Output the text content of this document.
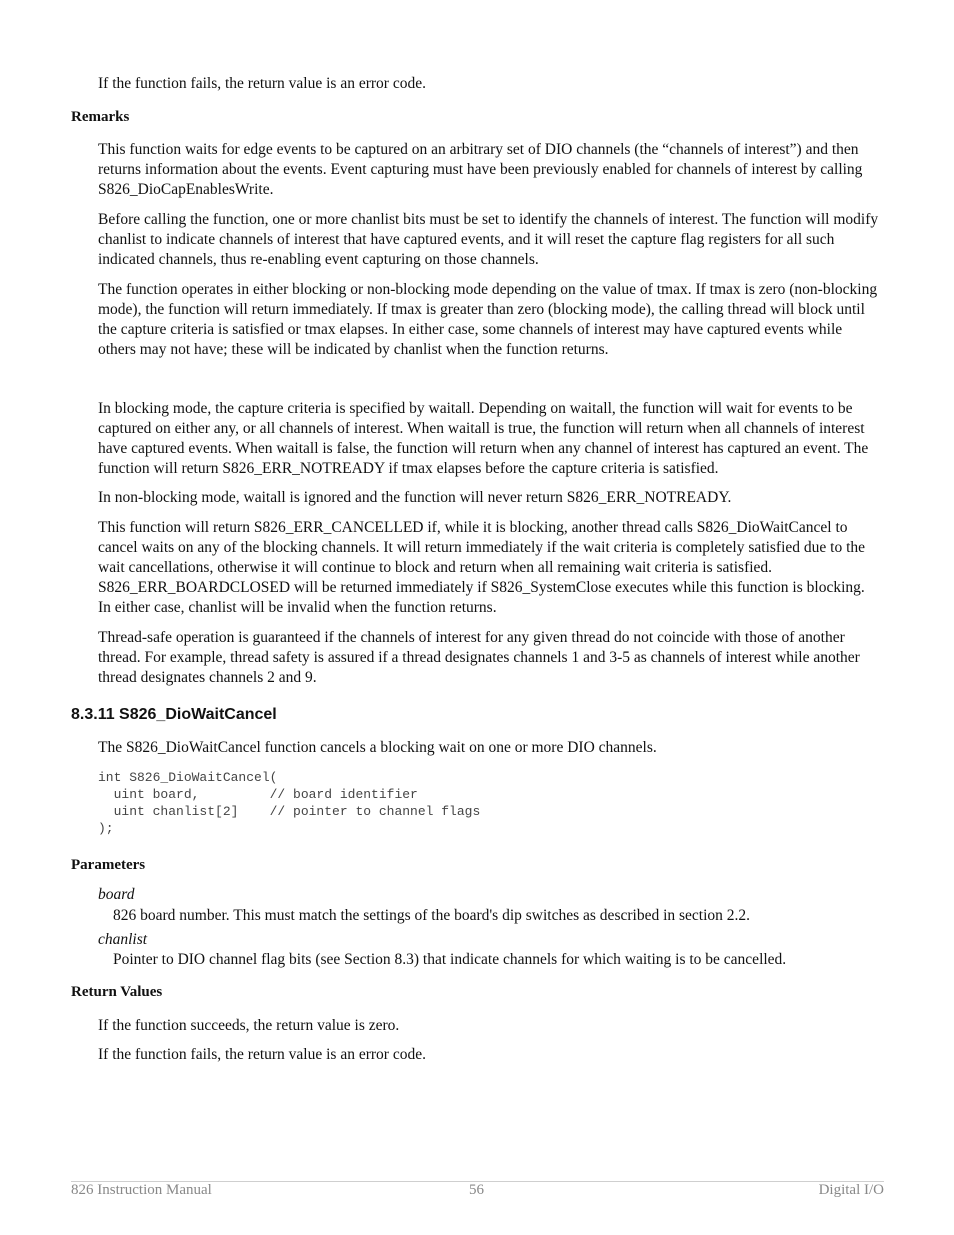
If the function fails, the return value is an error code.

Remarks

This function waits for edge events to be captured on an arbitrary set of DIO channels (the “channels of interest”) and then returns information about the events. Event capturing must have been previously enabled for channels of interest by calling S826_DioCapEnablesWrite.

Before calling the function, one or more chanlist bits must be set to identify the channels of interest. The function will modify chanlist to indicate channels of interest that have captured events, and it will reset the capture flag registers for all such indicated channels, thus re-enabling event capturing on those channels.

The function operates in either blocking or non-blocking mode depending on the value of tmax. If tmax is zero (non-blocking mode), the function will return immediately. If tmax is greater than zero (blocking mode), the calling thread will block until the capture criteria is satisfied or tmax elapses. In either case, some channels of interest may have captured events while others may not have; these will be indicated by chanlist when the function returns.

In blocking mode, the capture criteria is specified by waitall. Depending on waitall, the function will wait for events to be captured on either any, or all channels of interest. When waitall is true, the function will return when all channels of interest have captured events. When waitall is false, the function will return when any channel of interest has captured an event. The function will return S826_ERR_NOTREADY if tmax elapses before the capture criteria is satisfied.

In non-blocking mode, waitall is ignored and the function will never return S826_ERR_NOTREADY.

This function will return S826_ERR_CANCELLED if, while it is blocking, another thread calls S826_DioWaitCancel to cancel waits on any of the blocking channels. It will return immediately if the wait criteria is completely satisfied due to the wait cancellations, otherwise it will continue to block and return when all remaining wait criteria is satisfied. S826_ERR_BOARDCLOSED will be returned immediately if S826_SystemClose executes while this function is blocking. In either case, chanlist will be invalid when the function returns.

Thread-safe operation is guaranteed if the channels of interest for any given thread do not coincide with those of another thread. For example, thread safety is assured if a thread designates channels 1 and 3-5 as channels of interest while another thread designates channels 2 and 9.

8.3.11 S826_DioWaitCancel

The S826_DioWaitCancel function cancels a blocking wait on one or more DIO channels.

int S826_DioWaitCancel(
uint board,         // board identifier
uint chanlist[2]    // pointer to channel flags
);

Parameters

board

826 board number. This must match the settings of the board's dip switches as described in section 2.2.

chanlist

Pointer to DIO channel flag bits (see Section 8.3) that indicate channels for which waiting is to be cancelled.

Return Values

If the function succeeds, the return value is zero.

If the function fails, the return value is an error code.

826 Instruction Manual	56	Digital I/O
